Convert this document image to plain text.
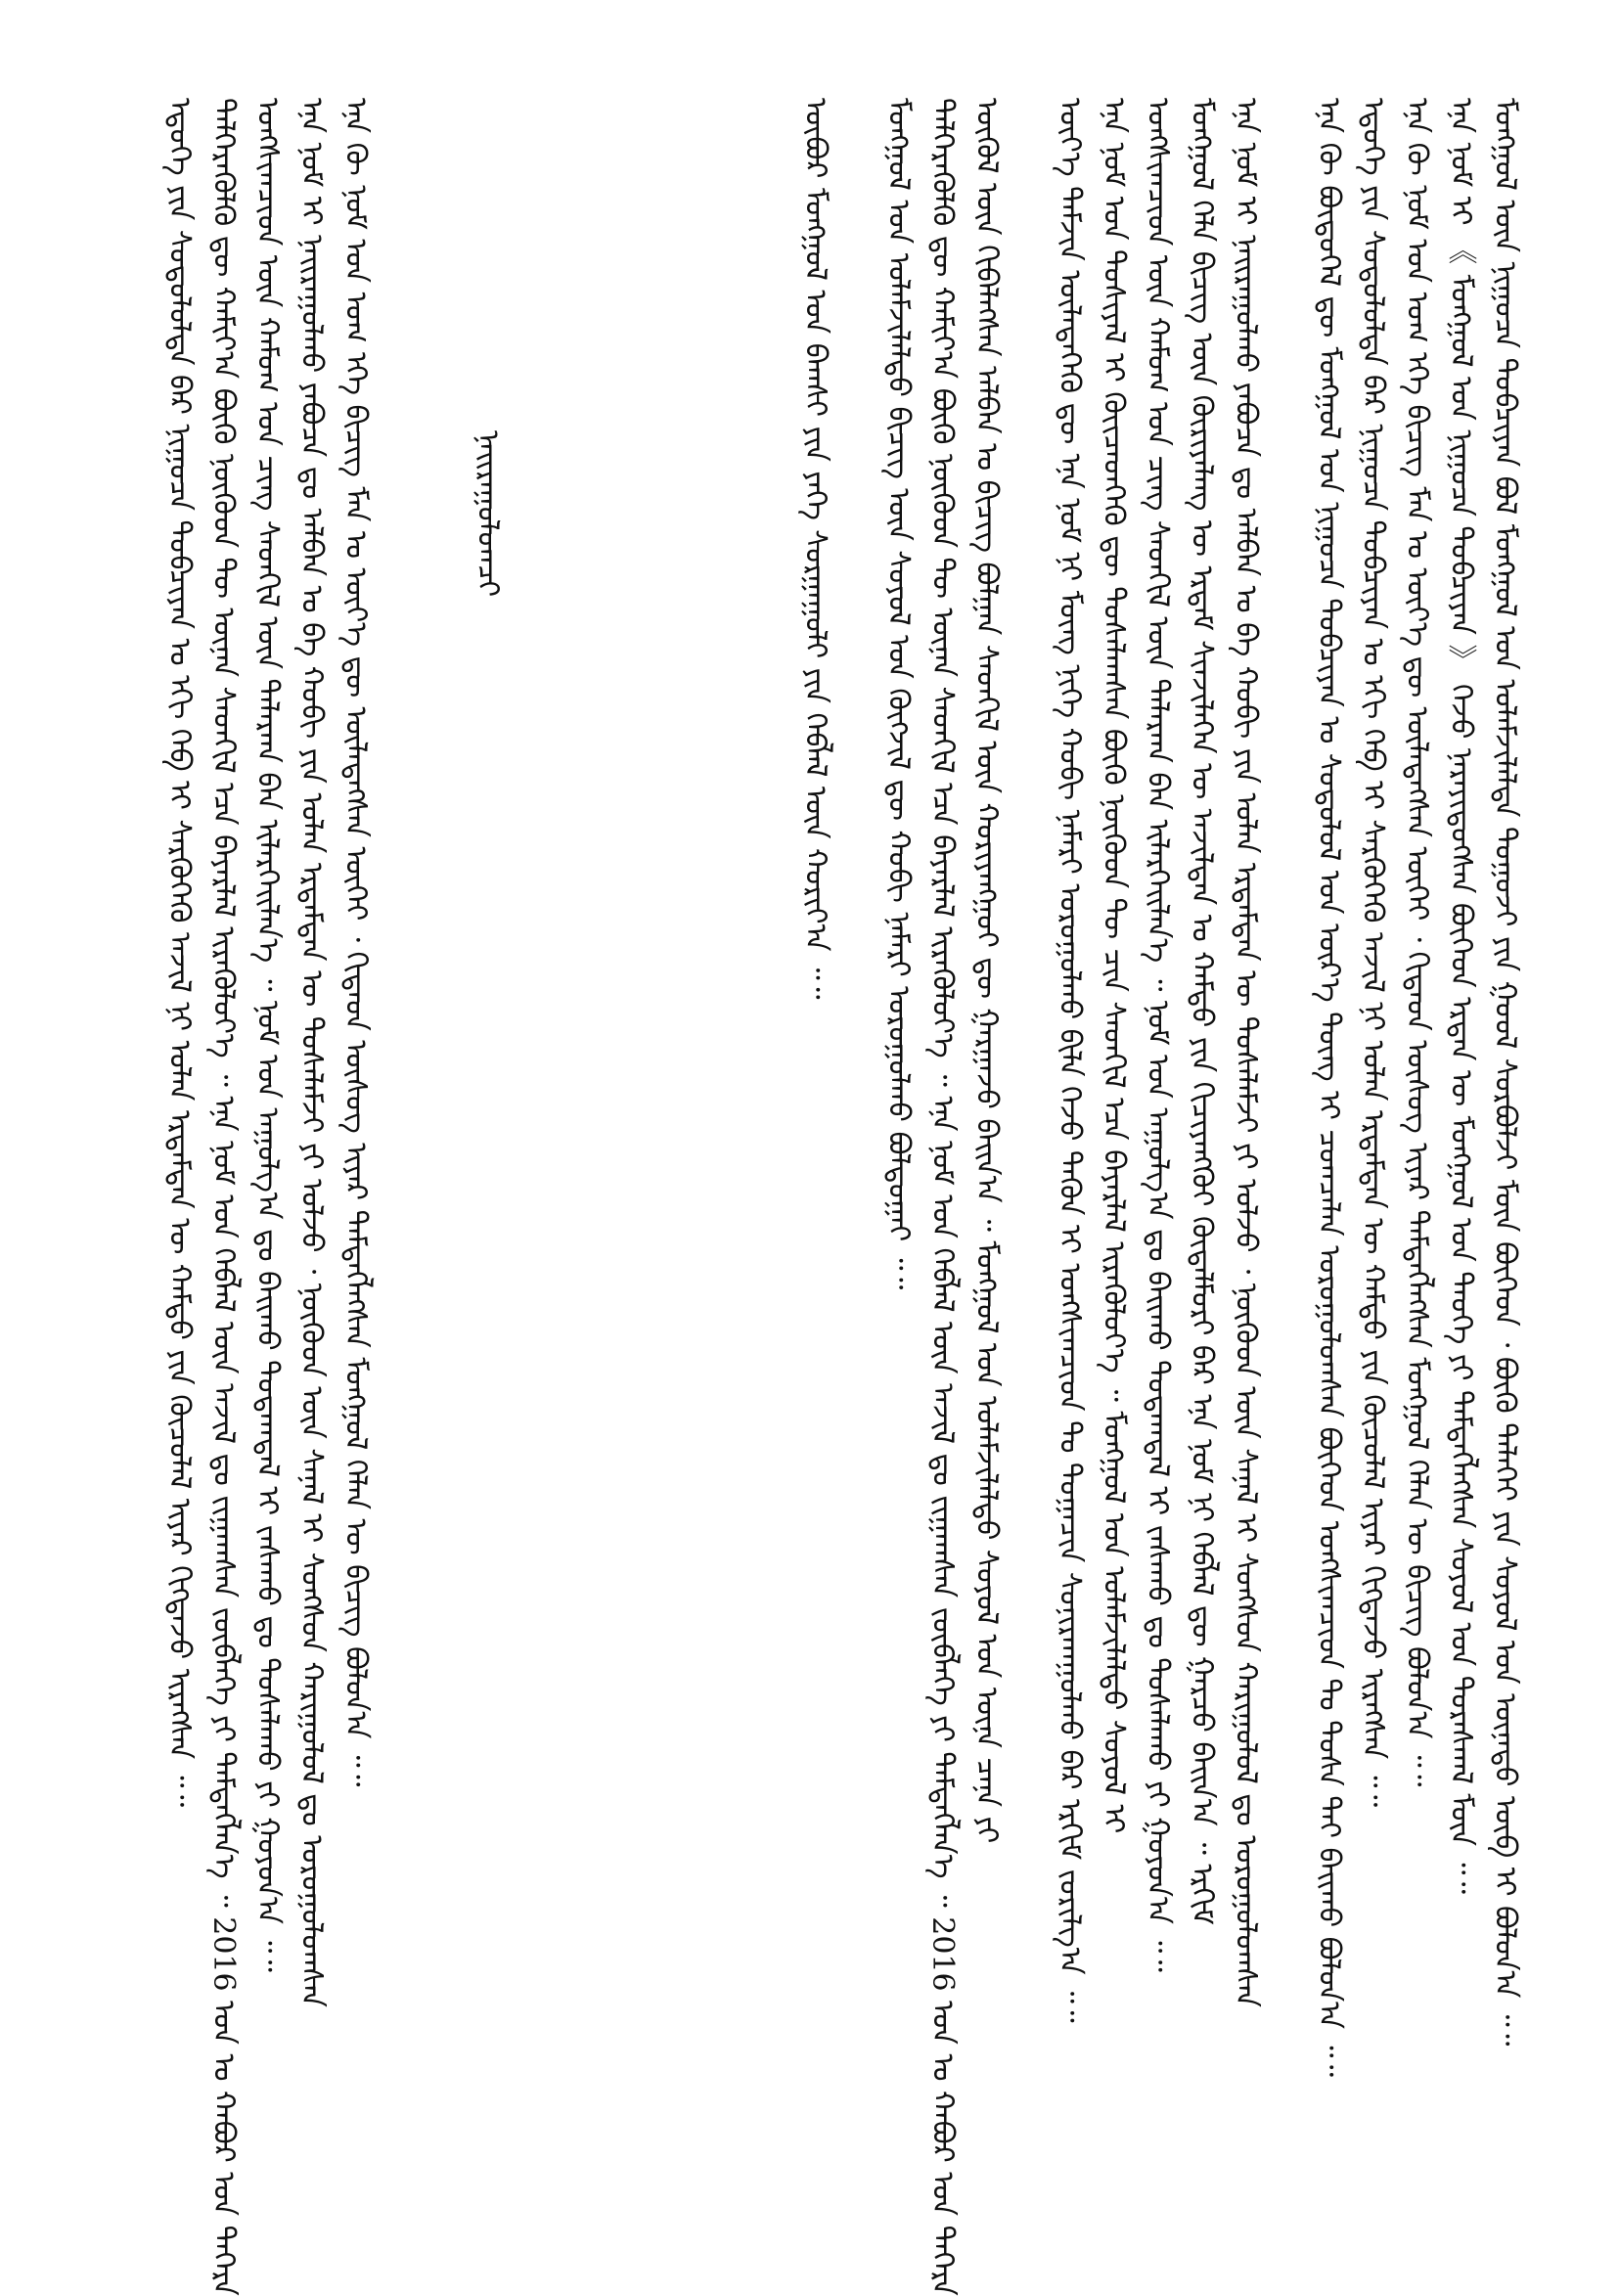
ᠮᠣᠩᠭᠣᠯ ᠦᠨ ᠨᠢᠭᠤᠴᠠ ᠲᠣᠪᠴᠢᠶᠠᠨ ᠪᠣᠯ ᠮᠣᠩᠭᠣᠯ ᠤᠨ ᠤᠯᠠᠮᠵᠢᠯᠠᠯᠳᠠ ᠳᠣᠭᠣᠵᠢ ᠶᠢᠨ ᠭᠣᠣᠯ ᠰᠤᠷᠪᠤᠯᠵᠢ ᠮᠥᠨ ᠪᠥᠭᠡᠳ ᠂ ᠪᠦᠬᠦ ᠳᠡᠯᠡᠬᠡᠢ ᠶᠢᠨ ᠰᠣᠶᠣᠯ ᠤᠨ ᠦᠨᠡᠲᠦ ᠦᠪ ᠢ ᠪᠣᠯᠤᠨ᠎ᠠ ᠃᠃
ᠡᠨᠡ ᠨᠣᠮ ᠢ 《 ᠮᠣᠩᠭᠣᠯ ᠤᠨ ᠨᠢᠭᠤᠴᠠ ᠲᠣᠪᠴᠢᠶᠠᠨ 》 ᠭᠡᠵᠦ ᠨᠡᠷᠡᠶᠢᠳᠦᠭᠰᠡᠨ ᠪᠥᠭᠡᠳ ᠡᠷᠲᠡᠨ ᠦ ᠮᠣᠩᠭᠣᠯ ᠤᠨ ᠲᠡᠦᠬᠡ ᠶᠢ ᠲᠡᠮᠳᠡᠭᠯᠡᠭᠰᠡᠨ ᠰᠣᠶᠣᠯ ᠤᠨ ᠳᠤᠷᠠᠰᠬᠠᠯ ᠮᠥᠨ ᠃᠃
ᠡᠨᠡ ᠬᠦ ᠨᠣᠮ ᠤᠨ ᠤᠭ ᠡᠬᠡ ᠪᠢᠴᠢᠭ ᠮᠠᠨ ᠤ ᠦᠶ᠎ᠡ ᠳᠦ ᠦᠯᠡᠳᠡᠭᠰᠡᠨ ᠦᠭᠡᠢ ᠂ ᠬᠢᠲᠠᠳ ᠦᠰᠦᠭ ᠢᠶᠡᠷ ᠲᠡᠮᠳᠡᠭᠯᠡᠭᠰᠡᠨ ᠮᠣᠩᠭᠣᠯ ᠬᠡᠯᠡᠨ ᠦ ᠪᠢᠴᠢᠭ ᠪᠣᠯᠤᠨ᠎ᠠ ᠃᠃
ᠡᠳᠦᠭᠡ ᠶᠢᠨ ᠰᠤᠳᠤᠯᠤᠯᠲᠠ ᠪᠠᠷ ᠨᠢᠭᠤᠴᠠ ᠲᠣᠪᠴᠢᠶᠠᠨ ᠤ ᠡᠬᠢ ᠬᠡᠪ ᠢ ᠰᠡᠷᠭᠦᠭᠡᠬᠦ ᠠᠵᠢᠯ ᠨᠢ ᠣᠯᠠᠨ ᠡᠷᠳᠡᠮᠲᠡᠨ ᠦ ᠬᠠᠮᠲᠤ ᠶᠢᠨ ᠬᠦᠴᠦᠯᠡᠯ ᠢᠶᠡᠷ ᠬᠢᠭᠳᠡᠵᠦ ᠢᠷᠡᠭᠰᠡᠨ ᠃᠃
ᠡᠨᠡ ᠬᠦ ᠪᠦᠲᠦᠭᠡᠯ ᠳᠦ ᠮᠣᠩᠭᠣᠯ ᠤᠨ ᠨᠢᠭᠤᠴᠠ ᠲᠣᠪᠴᠢᠶᠠᠨ ᠤ ᠰᠤᠳᠤᠯᠤᠯ ᠤᠨ ᠦᠷ᠎ᠡ ᠳᠦᠩ ᠢ ᠴᠣᠭᠴᠠᠯᠠᠨ ᠣᠷᠤᠭᠤᠯᠤᠭᠰᠠᠨ ᠪᠥᠭᠡᠳ ᠤᠩᠰᠢᠭᠴᠢᠳ ᠲᠤ ᠲᠤᠰᠠ ᠲᠠᠢ ᠪᠠᠢᠬᠤ ᠪᠣᠯᠤᠨ᠎ᠠ ᠃᠃
ᠡᠨᠡ ᠨᠣᠮ ᠢ ᠨᠠᠢᠷᠠᠭᠤᠯᠬᠤ ᠶᠠᠪᠤᠴᠠ ᠳᠤ ᠠᠯᠪᠠᠨ ᠤ ᠪᠠ ᠬᠤᠪᠢ ᠶᠢᠨ ᠣᠯᠠᠨ ᠡᠷᠳᠡᠮᠲᠡᠨ ᠦ ᠲᠤᠰᠠᠯᠠᠮᠵᠢ ᠶᠢ ᠣᠯᠵᠤ ᠂ ᠨᠥᠬᠦᠳ ᠦᠨ ᠰᠠᠨᠠᠯ ᠢ ᠰᠣᠩᠰᠤᠨ ᠬᠠᠷᠢᠭᠤᠯᠤᠯ ᠳᠤ ᠣᠷᠤᠭᠤᠯᠤᠭᠰᠠᠨ
ᠮᠣᠩᠭᠣᠯ ᠬᠡᠯᠡ ᠪᠢᠴᠢᠭ ᠦᠨ ᠬᠦᠷᠢᠶᠡᠯᠡᠩ ᠦ ᠡᠷᠳᠡᠮ ᠰᠢᠨᠵᠢᠯᠡᠭᠡᠨ ᠦ ᠠᠵᠢᠯᠲᠠᠨ ᠤ ᠬᠠᠮᠲᠤ ᠶᠢᠨ ᠬᠢᠴᠢᠶᠡᠩᠭᠦᠢ ᠬᠥᠳᠡᠯᠮᠦᠷᠢ ᠪᠠᠷ ᠡᠨᠡ ᠨᠣᠮ ᠨᠢ ᠬᠡᠪᠯᠡᠯ ᠳᠦ ᠭᠠᠷᠴᠤ ᠪᠠᠢᠨ᠎ᠠ ᠃ ᠡᠷᠬᠢᠮ
ᠤᠩᠰᠢᠭᠴᠢᠳ ᠦᠨ ᠬᠠᠮᠤᠭ ᠤᠨ ᠴᠢᠩ ᠰᠡᠳᠬᠢᠯ ᠦᠨ ᠲᠠᠯᠠᠷᠬᠠ ᠪᠠᠨ ᠢᠯᠡᠷᠬᠡᠢᠯᠡᠨ᠎ᠡ ᠃ ᠨᠣᠮ ᠤᠨ ᠠᠭᠤᠯᠭ᠎ᠠ ᠳᠤ ᠪᠠᠢᠬᠤ ᠳᠤᠲᠠᠭᠳᠠᠯ ᠢ ᠵᠠᠰᠠᠬᠤ ᠳᠤ ᠲᠤᠰᠠᠯᠠᠬᠤ ᠶᠢ ᠭᠤᠶᠤᠨ᠎ᠠ ᠃᠃
ᠡᠨᠡ ᠨᠣᠮ ᠤᠨ ᠲᠤᠰᠢᠶᠠᠯ ᠢ ᠭᠦᠢᠴᠡᠳᠬᠡᠬᠦ ᠳᠦ ᠲᠤᠰᠠᠯᠠᠭᠰᠠᠨ ᠪᠦᠬᠦ ᠨᠥᠬᠦᠳ ᠲᠦ ᠴᠢᠨ ᠰᠡᠳᠬᠢᠯ ᠡᠴᠡ ᠪᠠᠶᠠᠷᠯᠠᠯ ᠢᠷᠡᠭᠦᠯᠦᠶ᠎ᠡ ᠃ ᠮᠣᠩᠭᠣᠯ ᠤᠨ ᠤᠯᠠᠮᠵᠢᠯᠠᠯᠲᠤ ᠰᠣᠶᠣᠯ ᠢ
ᠦᠶ᠎ᠡ ᠳᠠᠮᠵᠢᠨ ᠦᠯᠡᠳᠡᠭᠡᠬᠦ ᠳᠦ ᠡᠨᠡ ᠨᠣᠮ ᠨᠢ ᠮᠥᠩ ᠨᠢᠭᠡ ᠬᠤᠪᠢ ᠨᠡᠮᠡᠷᠢ ᠣᠷᠤᠭᠤᠯᠬᠤ ᠪᠢᠯᠡ ᠭᠡᠵᠦ ᠲᠡᠭᠦᠨ ᠢ ᠤᠩᠰᠢᠭᠴᠢᠳ ᠲᠤ ᠲᠣᠭᠠᠴᠢᠨ ᠰᠣᠨᠢᠷᠬᠠᠭᠤᠯᠬᠤ ᠪᠠᠷ ᠡᠷᠬᠢᠮ ᠵᠣᠷᠢᠯᠭ᠎ᠠ ᠃᠃
ᠦᠬᠦᠯ ᠦᠨ ᠬᠢᠪᠡᠯᠡᠭᠰᠡᠨ ᠠᠯᠪᠠᠨ ᠤ ᠪᠢᠴᠢᠭ ᠪᠣᠯᠭᠠᠨ ᠰᠡᠳᠬᠢᠯ ᠦᠨ ᠬᠣᠷᠢᠶᠠᠩᠭᠤᠢ ᠳᠦ ᠭᠠᠷᠭᠠᠵᠤ ᠪᠠᠢᠨ᠎ᠠ ᠃ ᠮᠣᠩᠭᠣᠯ ᠤᠨ ᠤᠯᠠᠮᠵᠢᠯᠠᠯᠲᠤ ᠰᠣᠶᠣᠯ ᠤᠨ ᠦᠨᠡ ᠴᠡᠨᠡ ᠶᠢ
ᠳᠡᠯᠭᠡᠷᠡᠭᠦᠯᠬᠦ ᠳᠦ ᠬᠠᠮᠢᠶ᠎ᠠ ᠪᠦᠬᠦ ᠨᠥᠬᠦᠳ ᠲᠦ ᠦᠨᠡᠨ ᠰᠡᠳᠬᠢᠯ ᠡᠴᠡ ᠪᠠᠶᠠᠷᠯᠠᠯ ᠢᠷᠡᠭᠦᠯᠦᠶ᠎ᠡ ᠃ ᠡᠨᠡ ᠨᠣᠮ ᠤᠨ ᠬᠡᠪᠯᠡᠯ ᠦᠨ ᠠᠵᠢᠯ ᠳᠤ ᠵᠢᠭᠠᠭᠰᠠᠨ ᠵᠥᠪᠯᠡᠭᠡ ᠶᠢ ᠲᠡᠮᠳᠡᠭᠯᠡᠨ᠎ᠡ ᠃ 2016 ᠣᠨ ᠤ ᠬᠠᠪᠤᠷ ᠤᠨ ᠳᠡᠭᠡᠷᠡ
ᠮᠣᠩᠭᠣᠯ ᠤᠨ ᠤᠯᠠᠮᠵᠢᠯᠠᠯᠲᠤ ᠪᠢᠴᠢᠭ ᠦᠨ ᠰᠣᠶᠣᠯ ᠤᠨ ᠬᠥᠭᠵᠢᠯ ᠳᠦ ᠬᠤᠪᠢ ᠨᠡᠮᠡᠷᠢ ᠣᠷᠤᠭᠤᠯᠬᠤ ᠪᠣᠯᠲᠤᠭᠠᠢ ᠃᠃
ᠦᠪᠦᠷ ᠮᠣᠩᠭᠣᠯ ᠤᠨ ᠪᠠᠭᠰᠢ ᠶᠢᠨ ᠶᠡᠬᠡ ᠰᠤᠷᠭᠠᠭᠤᠯᠢ ᠶᠢᠨ ᠬᠡᠪᠯᠡᠯ ᠦᠨ ᠬᠣᠷᠢᠶ᠎ᠠ ᠃᠃
ᠨᠠᠢᠷᠠᠭᠤᠯᠤᠭᠴᠢ
ᠡᠨᠡ ᠬᠦ ᠨᠣᠮ ᠤᠨ ᠤᠭ ᠡᠬᠡ ᠪᠢᠴᠢᠭ ᠮᠠᠨ ᠤ ᠦᠶ᠎ᠡ ᠳᠦ ᠦᠯᠡᠳᠡᠭᠰᠡᠨ ᠦᠭᠡᠢ ᠂ ᠬᠢᠲᠠᠳ ᠦᠰᠦᠭ ᠢᠶᠡᠷ ᠲᠡᠮᠳᠡᠭᠯᠡᠭᠰᠡᠨ ᠮᠣᠩᠭᠣᠯ ᠬᠡᠯᠡᠨ ᠦ ᠪᠢᠴᠢᠭ ᠪᠣᠯᠤᠨ᠎ᠠ ᠃᠃
ᠡᠨᠡ ᠨᠣᠮ ᠢ ᠨᠠᠢᠷᠠᠭᠤᠯᠬᠤ ᠶᠠᠪᠤᠴᠠ ᠳᠤ ᠠᠯᠪᠠᠨ ᠤ ᠪᠠ ᠬᠤᠪᠢ ᠶᠢᠨ ᠣᠯᠠᠨ ᠡᠷᠳᠡᠮᠲᠡᠨ ᠦ ᠲᠤᠰᠠᠯᠠᠮᠵᠢ ᠶᠢ ᠣᠯᠵᠤ ᠂ ᠨᠥᠬᠦᠳ ᠦᠨ ᠰᠠᠨᠠᠯ ᠢ ᠰᠣᠩᠰᠤᠨ ᠬᠠᠷᠢᠭᠤᠯᠤᠯ ᠳᠤ ᠣᠷᠤᠭᠤᠯᠤᠭᠰᠠᠨ
ᠤᠩᠰᠢᠭᠴᠢᠳ ᠦᠨ ᠬᠠᠮᠤᠭ ᠤᠨ ᠴᠢᠩ ᠰᠡᠳᠬᠢᠯ ᠦᠨ ᠲᠠᠯᠠᠷᠬᠠ ᠪᠠᠨ ᠢᠯᠡᠷᠬᠡᠢᠯᠡᠨ᠎ᠡ ᠃ ᠨᠣᠮ ᠤᠨ ᠠᠭᠤᠯᠭ᠎ᠠ ᠳᠤ ᠪᠠᠢᠬᠤ ᠳᠤᠲᠠᠭᠳᠠᠯ ᠢ ᠵᠠᠰᠠᠬᠤ ᠳᠤ ᠲᠤᠰᠠᠯᠠᠬᠤ ᠶᠢ ᠭᠤᠶᠤᠨ᠎ᠠ ᠃᠃
ᠳᠡᠯᠭᠡᠷᠡᠭᠦᠯᠬᠦ ᠳᠦ ᠬᠠᠮᠢᠶ᠎ᠠ ᠪᠦᠬᠦ ᠨᠥᠬᠦᠳ ᠲᠦ ᠦᠨᠡᠨ ᠰᠡᠳᠬᠢᠯ ᠡᠴᠡ ᠪᠠᠶᠠᠷᠯᠠᠯ ᠢᠷᠡᠭᠦᠯᠦᠶ᠎ᠡ ᠃ ᠡᠨᠡ ᠨᠣᠮ ᠤᠨ ᠬᠡᠪᠯᠡᠯ ᠦᠨ ᠠᠵᠢᠯ ᠳᠤ ᠵᠢᠭᠠᠭᠰᠠᠨ ᠵᠥᠪᠯᠡᠭᠡ ᠶᠢ ᠲᠡᠮᠳᠡᠭᠯᠡᠨ᠎ᠡ ᠃ 2016 ᠣᠨ ᠤ ᠬᠠᠪᠤᠷ ᠤᠨ ᠳᠡᠭᠡᠷᠡ
ᠡᠳᠦᠭᠡ ᠶᠢᠨ ᠰᠤᠳᠤᠯᠤᠯᠲᠠ ᠪᠠᠷ ᠨᠢᠭᠤᠴᠠ ᠲᠣᠪᠴᠢᠶᠠᠨ ᠤ ᠡᠬᠢ ᠬᠡᠪ ᠢ ᠰᠡᠷᠭᠦᠭᠡᠬᠦ ᠠᠵᠢᠯ ᠨᠢ ᠣᠯᠠᠨ ᠡᠷᠳᠡᠮᠲᠡᠨ ᠦ ᠬᠠᠮᠲᠤ ᠶᠢᠨ ᠬᠦᠴᠦᠯᠡᠯ ᠢᠶᠡᠷ ᠬᠢᠭᠳᠡᠵᠦ ᠢᠷᠡᠭᠰᠡᠨ ᠃᠃
